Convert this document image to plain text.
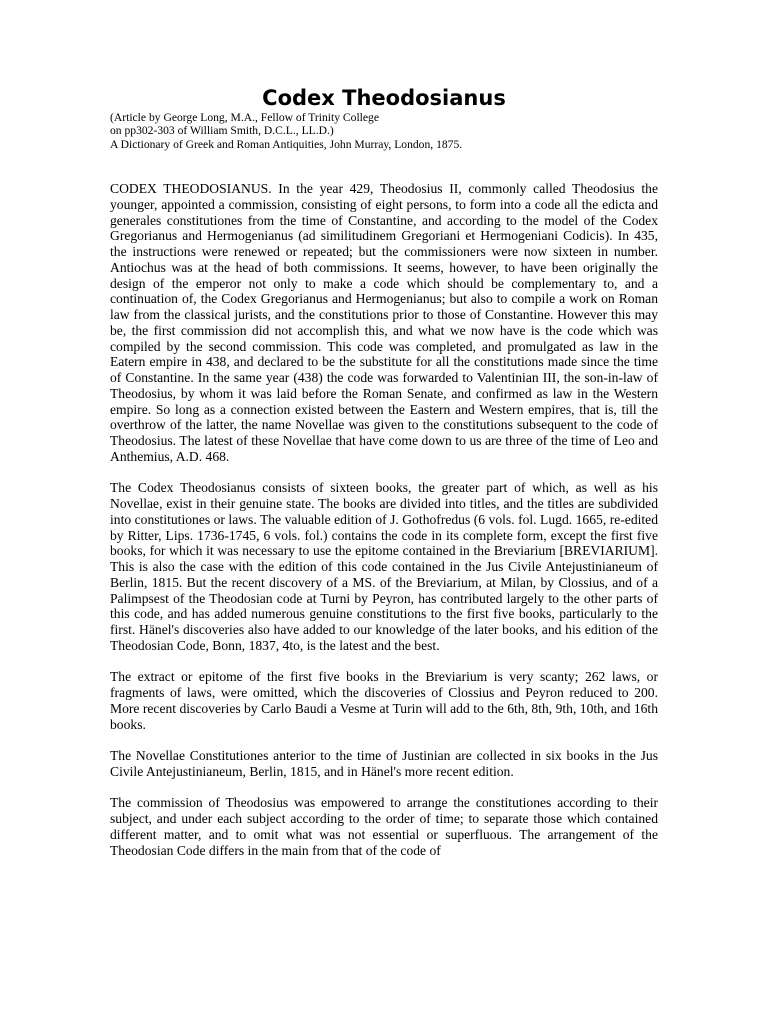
Codex Theodosianus
(Article by George Long, M.A., Fellow of Trinity College
on pp302-303 of William Smith, D.C.L., LL.D.)
A Dictionary of Greek and Roman Antiquities, John Murray, London, 1875.

CODEX THEODOSIANUS. In the year 429, Theodosius II, commonly called Theodosius the younger, appointed a commission, consisting of eight persons, to form into a code all the edicta and generales constitutiones from the time of Constantine, and according to the model of the Codex Gregorianus and Hermogenianus (ad similitudinem Gregoriani et Hermogeniani Codicis). In 435, the instructions were renewed or repeated; but the commissioners were now sixteen in number. Antiochus was at the head of both commissions. It seems, however, to have been originally the design of the emperor not only to make a code which should be complementary to, and a continuation of, the Codex Gregorianus and Hermogenianus; but also to compile a work on Roman law from the classical jurists, and the constitutions prior to those of Constantine. However this may be, the first commission did not accomplish this, and what we now have is the code which was compiled by the second commission. This code was completed, and promulgated as law in the Eatern empire in 438, and declared to be the substitute for all the constitutions made since the time of Constantine. In the same year (438) the code was forwarded to Valentinian III, the son-in-law of Theodosius, by whom it was laid before the Roman Senate, and confirmed as law in the Western empire. So long as a connection existed between the Eastern and Western empires, that is, till the overthrow of the latter, the name Novellae was given to the constitutions subsequent to the code of Theodosius. The latest of these Novellae that have come down to us are three of the time of Leo and Anthemius, A.D. 468.

The Codex Theodosianus consists of sixteen books, the greater part of which, as well as his Novellae, exist in their genuine state. The books are divided into titles, and the titles are subdivided into constitutiones or laws. The valuable edition of J. Gothofredus (6 vols. fol. Lugd. 1665, re-edited by Ritter, Lips. 1736-1745, 6 vols. fol.) contains the code in its complete form, except the first five books, for which it was necessary to use the epitome contained in the Breviarium [BREVIARIUM]. This is also the case with the edition of this code contained in the Jus Civile Antejustinianeum of Berlin, 1815. But the recent discovery of a MS. of the Breviarium, at Milan, by Clossius, and of a Palimpsest of the Theodosian code at Turni by Peyron, has contributed largely to the other parts of this code, and has added numerous genuine constitutions to the first five books, particularly to the first. Hänel's discoveries also have added to our knowledge of the later books, and his edition of the Theodosian Code, Bonn, 1837, 4to, is the latest and the best.

The extract or epitome of the first five books in the Breviarium is very scanty; 262 laws, or fragments of laws, were omitted, which the discoveries of Clossius and Peyron reduced to 200. More recent discoveries by Carlo Baudi a Vesme at Turin will add to the 6th, 8th, 9th, 10th, and 16th books.

The Novellae Constitutiones anterior to the time of Justinian are collected in six books in the Jus Civile Antejustinianeum, Berlin, 1815, and in Hänel's more recent edition.

The commission of Theodosius was empowered to arrange the constitutiones according to their subject, and under each subject according to the order of time; to separate those which contained different matter, and to omit what was not essential or superfluous. The arrangement of the Theodosian Code differs in the main from that of the code of
